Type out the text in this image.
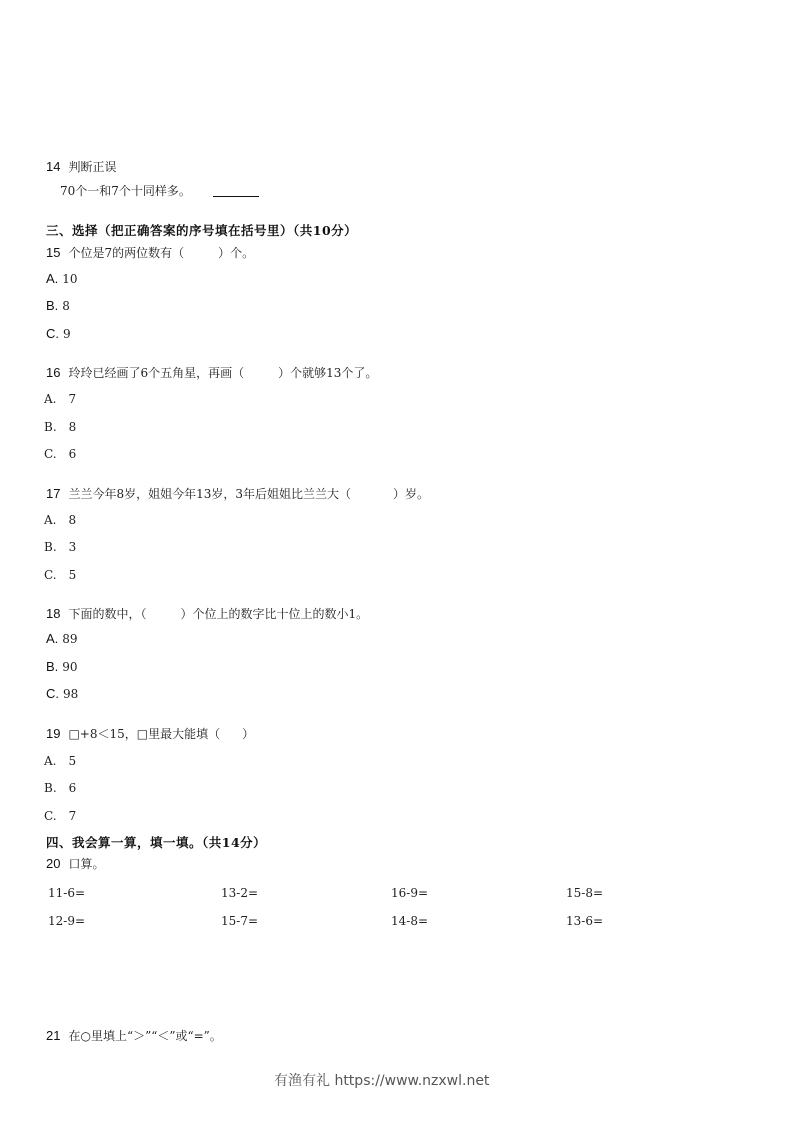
14 判断正误
70个一和7个十同样多。
三、选择（把正确答案的序号填在括号里）（共10分）
15 个位是7的两位数有（	）个。
A. 10
B. 8
C. 9
16 玲玲已经画了6个五角星，再画（	）个就够13个了。
A. 7
B. 8
C. 6
17 兰兰今年8岁，姐姐今年13岁，3年后姐姐比兰兰大（	）岁。
A. 8
B. 3
C. 5
18 下面的数中，（	）个位上的数字比十位上的数小1。
A. 89
B. 90
C. 98
19 □+8＜15，□里最大能填（ ）
A. 5
B. 6
C. 7
四、我会算一算，填一填。（共14分）
20 口算。
11-6=	13-2=	16-9=	15-8=
12-9=	15-7=	14-8=	13-6=
21 在○里填上“＞”“＜”或“=”。
有渔有礼 https://www.nzxwl.net
